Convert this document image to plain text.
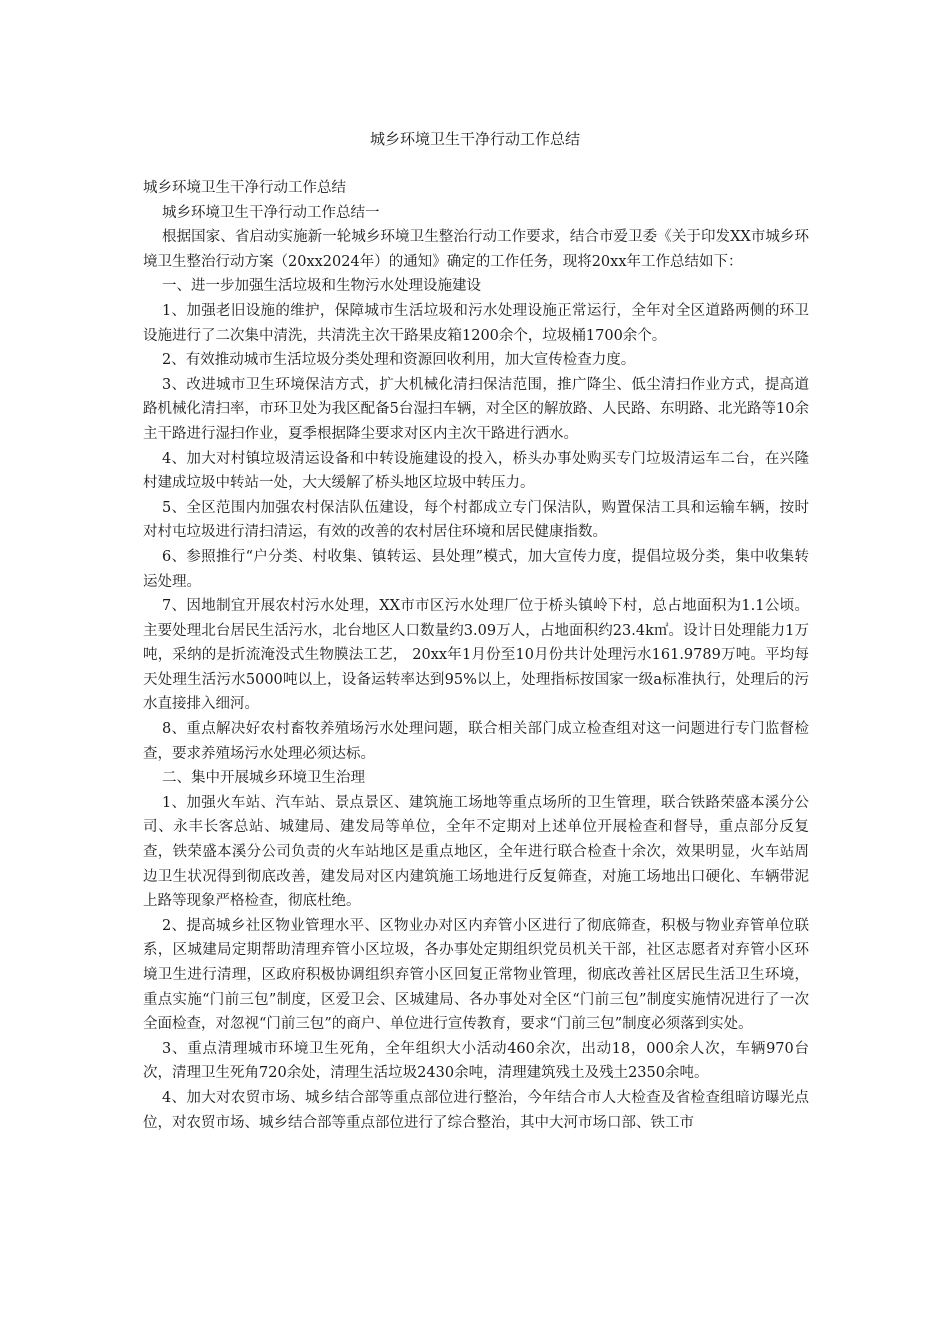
城乡环境卫生干净行动工作总结

城乡环境卫生干净行动工作总结

城乡环境卫生干净行动工作总结一

根据国家、省启动实施新一轮城乡环境卫生整治行动工作要求，结合市爱卫委《关于印发XX市城乡环境卫生整治行动方案（20xx2024年）的通知》确定的工作任务，现将20xx年工作总结如下：

一、进一步加强生活垃圾和生物污水处理设施建设

1、加强老旧设施的维护，保障城市生活垃圾和污水处理设施正常运行，全年对全区道路两侧的环卫设施进行了二次集中清洗，共清洗主次干路果皮箱1200余个，垃圾桶1700余个。

2、有效推动城市生活垃圾分类处理和资源回收利用，加大宣传检查力度。

3、改进城市卫生环境保洁方式，扩大机械化清扫保洁范围，推广降尘、低尘清扫作业方式，提高道路机械化清扫率，市环卫处为我区配备5台湿扫车辆，对全区的解放路、人民路、东明路、北光路等10余主干路进行湿扫作业，夏季根据降尘要求对区内主次干路进行洒水。

4、加大对村镇垃圾清运设备和中转设施建设的投入，桥头办事处购买专门垃圾清运车二台，在兴隆村建成垃圾中转站一处，大大缓解了桥头地区垃圾中转压力。

5、全区范围内加强农村保洁队伍建设，每个村都成立专门保洁队，购置保洁工具和运输车辆，按时对村屯垃圾进行清扫清运，有效的改善的农村居住环境和居民健康指数。

6、参照推行“户分类、村收集、镇转运、县处理”模式，加大宣传力度，提倡垃圾分类，集中收集转运处理。

7、因地制宜开展农村污水处理，XX市市区污水处理厂位于桥头镇岭下村，总占地面积为1.1公顷。主要处理北台居民生活污水，北台地区人口数量约3.09万人，占地面积约23.4k㎡。设计日处理能力1万吨，采纳的是折流淹没式生物膜法工艺， 20xx年1月份至10月份共计处理污水161.9789万吨。平均每天处理生活污水5000吨以上，设备运转率达到95%以上，处理指标按国家一级a标准执行，处理后的污水直接排入细河。

8、重点解决好农村畜牧养殖场污水处理问题，联合相关部门成立检查组对这一问题进行专门监督检查，要求养殖场污水处理必须达标。

二、集中开展城乡环境卫生治理

1、加强火车站、汽车站、景点景区、建筑施工场地等重点场所的卫生管理，联合铁路荣盛本溪分公司、永丰长客总站、城建局、建发局等单位，全年不定期对上述单位开展检查和督导，重点部分反复查，铁荣盛本溪分公司负责的火车站地区是重点地区，全年进行联合检查十余次，效果明显，火车站周边卫生状况得到彻底改善，建发局对区内建筑施工场地进行反复筛查，对施工场地出口硬化、车辆带泥上路等现象严格检查，彻底杜绝。

2、提高城乡社区物业管理水平、区物业办对区内弃管小区进行了彻底筛查，积极与物业弃管单位联系，区城建局定期帮助清理弃管小区垃圾，各办事处定期组织党员机关干部，社区志愿者对弃管小区环境卫生进行清理，区政府积极协调组织弃管小区回复正常物业管理，彻底改善社区居民生活卫生环境，重点实施“门前三包”制度，区爱卫会、区城建局、各办事处对全区“门前三包”制度实施情况进行了一次全面检查，对忽视“门前三包”的商户、单位进行宣传教育，要求“门前三包”制度必须落到实处。

3、重点清理城市环境卫生死角，全年组织大小活动460余次，出动18，000余人次，车辆970台次，清理卫生死角720余处，清理生活垃圾2430余吨，清理建筑残土及残土2350余吨。

4、加大对农贸市场、城乡结合部等重点部位进行整治，今年结合市人大检查及省检查组暗访曝光点位，对农贸市场、城乡结合部等重点部位进行了综合整治，其中大河市场口部、铁工市
